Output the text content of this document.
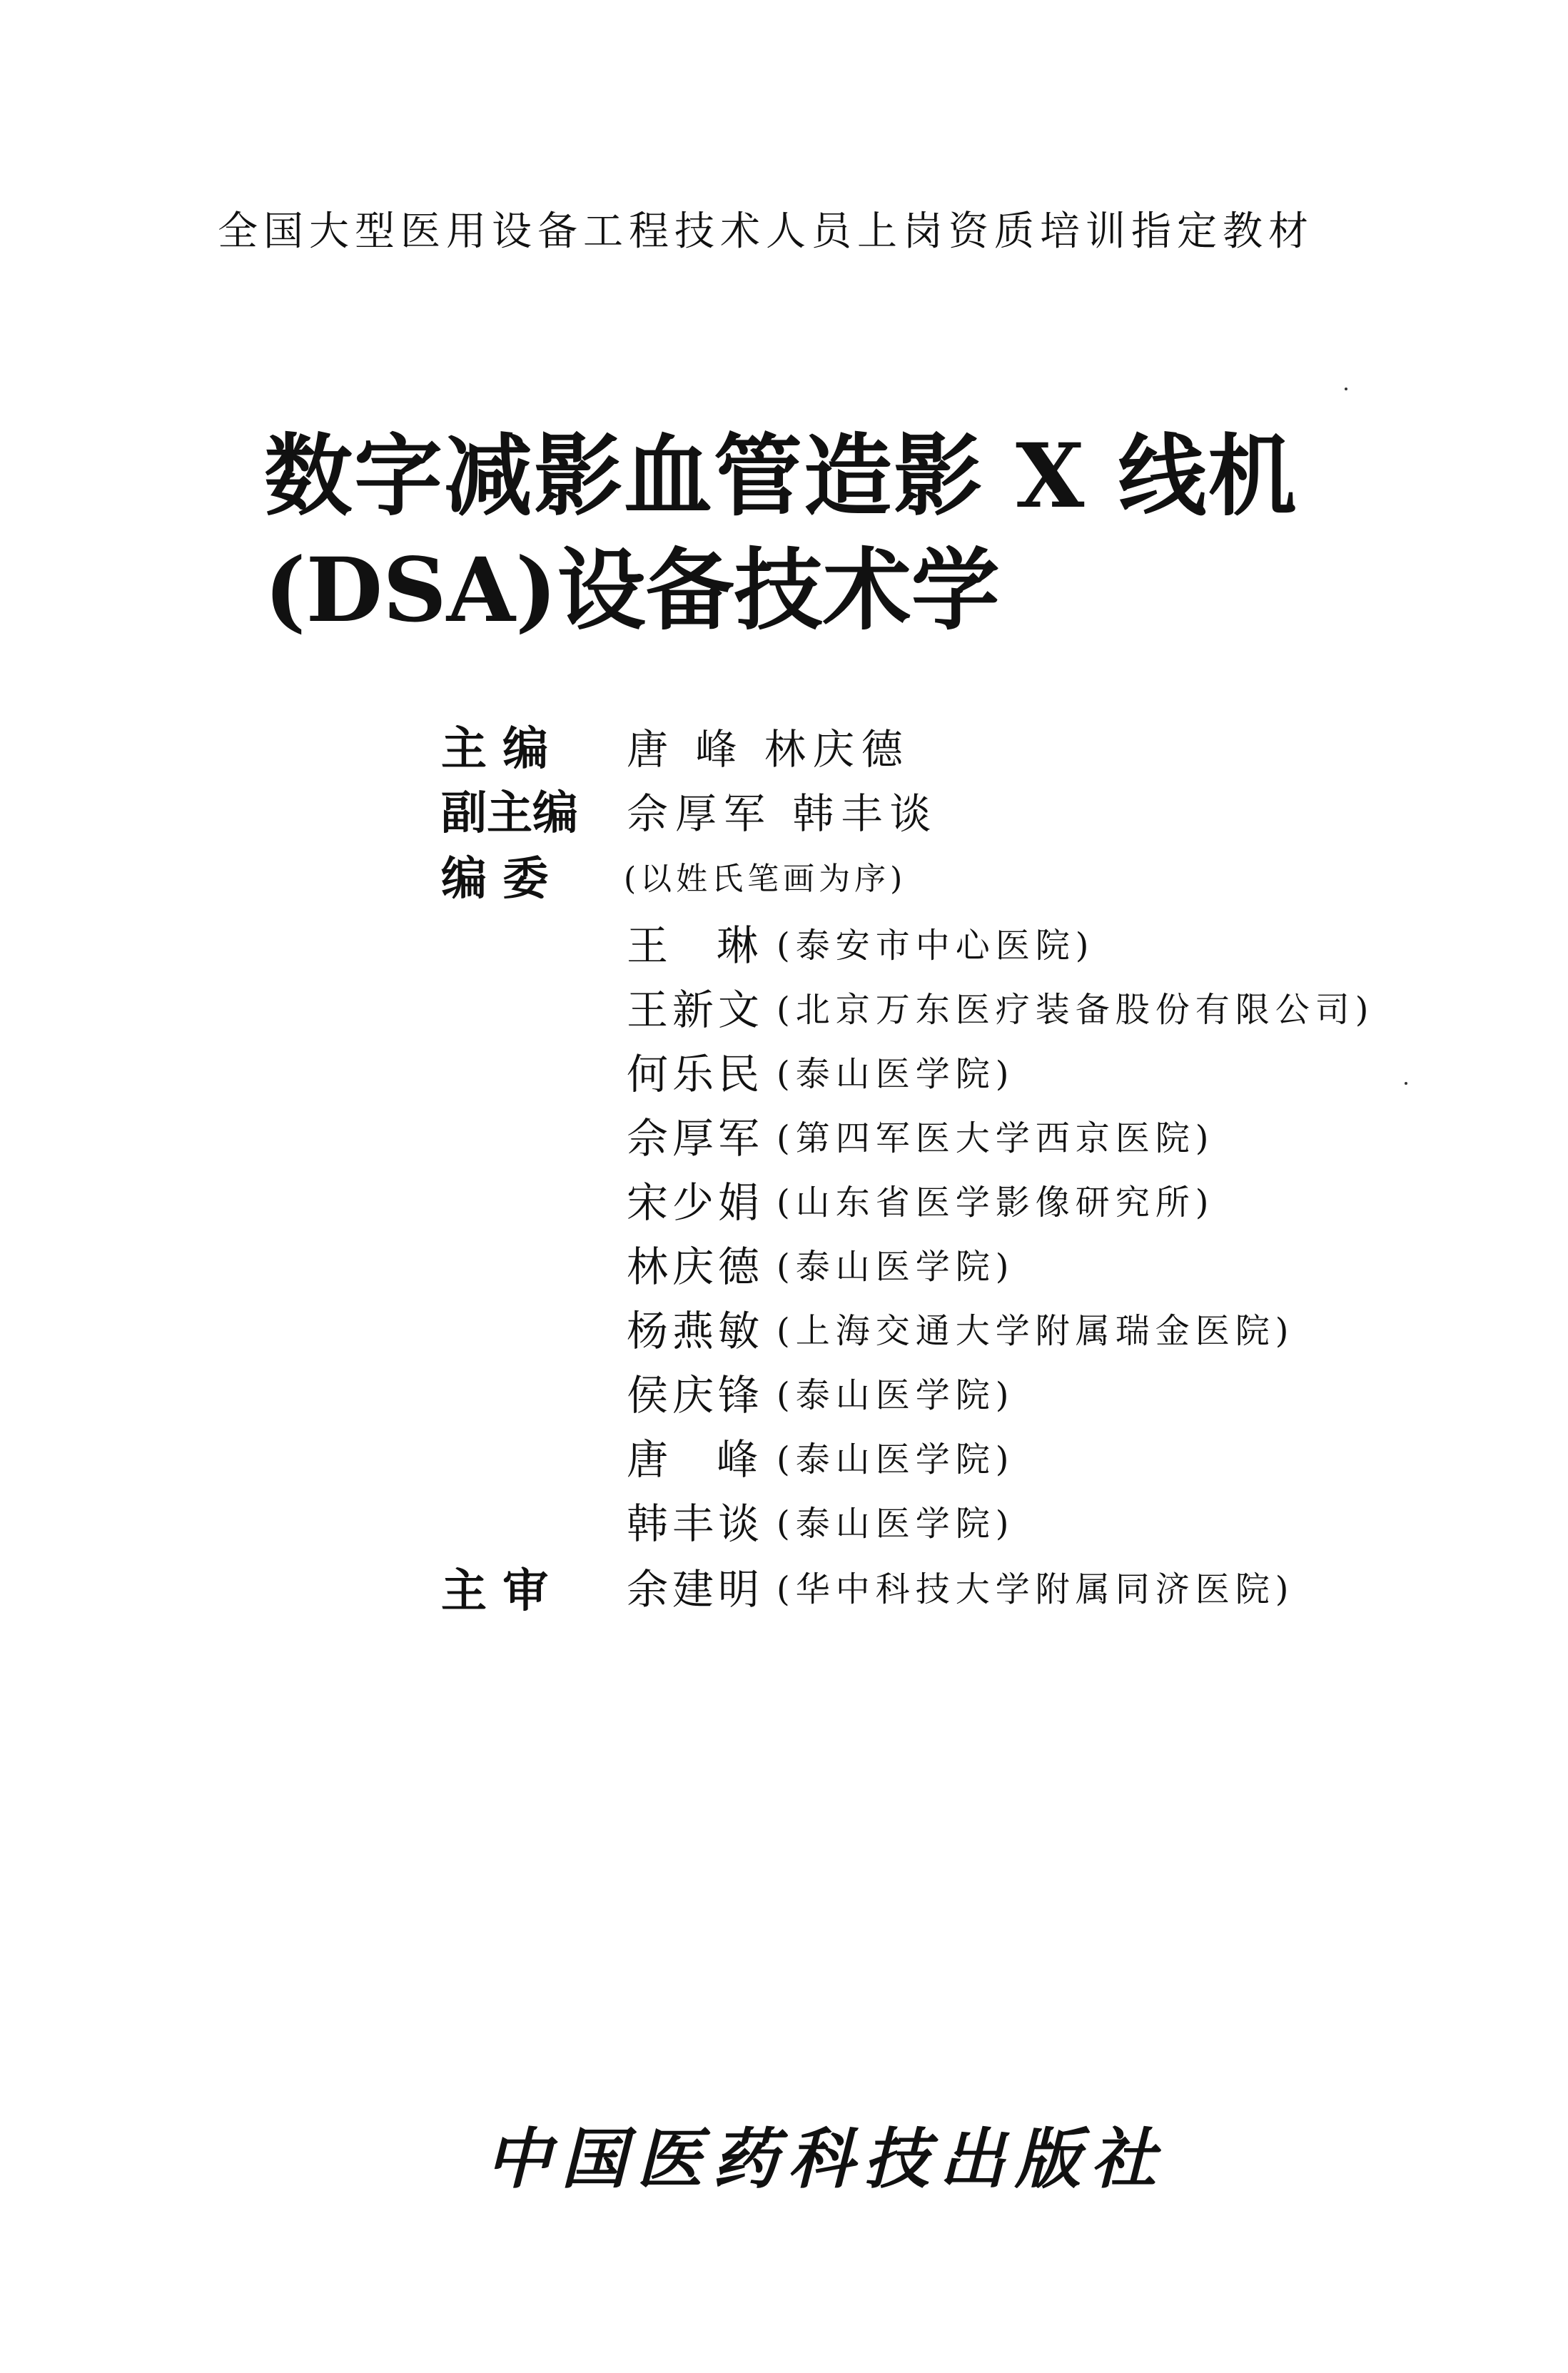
全国大型医用设备工程技术人员上岗资质培训指定教材
数字减影血管造影 X 线机
(DSA)设备技术学
主 编	唐 峰 林庆德
副主编 佘厚军 韩丰谈
编 委	(以姓氏笔画为序)
王 琳 (泰安市中心医院)
王新文 (北京万东医疗装备股份有限公司)
何乐民 (泰山医学院)
佘厚军 (第四军医大学西京医院)
宋少娟 (山东省医学影像研究所)
林庆德 (泰山医学院)
杨燕敏 (上海交通大学附属瑞金医院)
侯庆锋 (泰山医学院)
唐 峰 (泰山医学院)
韩丰谈 (泰山医学院)
主 审	余建明 (华中科技大学附属同济医院)
中国医药科技出版社
